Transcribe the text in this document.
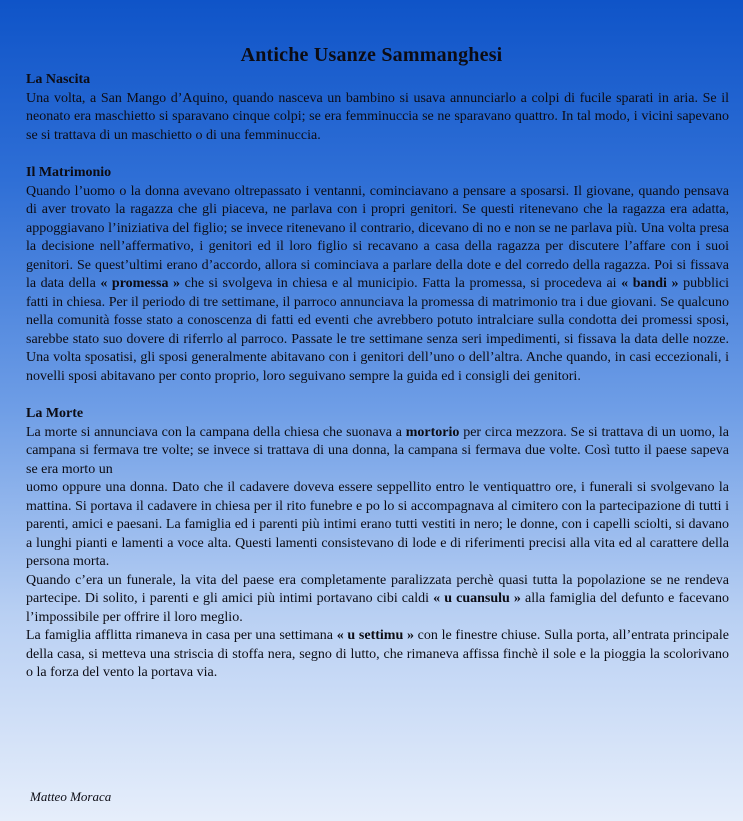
Antiche Usanze Sammanghesi
La Nascita

Una volta, a San Mango d’Aquino, quando nasceva un bambino si usava annunciarlo a colpi di fucile sparati in aria. Se il neonato era maschietto si sparavano cinque colpi; se era femminuccia se ne sparavano quattro. In tal modo, i vicini sapevano se si trattava di un maschietto o di una femminuccia.

Il Matrimonio

Quando l’uomo o la donna avevano oltrepassato i ventanni, cominciavano a pensare a sposarsi. Il giovane, quando pensava di aver trovato la ragazza che gli piaceva, ne parlava con i propri genitori. Se questi ritenevano che la ragazza era adatta, appoggiavano l’iniziativa del figlio; se invece ritenevano il contrario, dicevano di no e non se ne parlava più. Una volta presa la decisione nell’affermativo, i genitori ed il loro figlio si recavano a casa della ragazza per discutere l’affare con i suoi genitori. Se quest’ultimi erano d’accordo, allora si cominciava a parlare della dote e del corredo della ragazza. Poi si fissava la data della « promessa » che si svolgeva in chiesa e al municipio. Fatta la promessa, si procedeva ai « bandi » pubblici fatti in chiesa. Per il periodo di tre settimane, il parroco annunciava la promessa di matrimonio tra i due giovani. Se qualcuno nella comunità fosse stato a conoscenza di fatti ed eventi che avrebbero potuto intralciare sulla condotta dei promessi sposi, sarebbe stato suo dovere di riferrlo al parroco. Passate le tre settimane senza seri impedimenti, si fissava la data delle nozze. Una volta sposatisi, gli sposi generalmente abitavano con i genitori dell’uno o dell’altra. Anche quando, in casi eccezionali, i novelli sposi abitavano per conto proprio, loro seguivano sempre la guida ed i consigli dei genitori.

La Morte

La morte si annunciava con la campana della chiesa che suonava a mortorio per circa mezzora. Se si trattava di un uomo, la campana si fermava tre volte; se invece si trattava di una donna, la campana si fermava due volte. Così tutto il paese sapeva se era morto un

uomo oppure una donna. Dato che il cadavere doveva essere seppellito entro le ventiquattro ore, i funerali si svolgevano la mattina. Si portava il cadavere in chiesa per il rito funebre e po lo si accompagnava al cimitero con la partecipazione di tutti i parenti, amici e paesani. La famiglia ed i parenti più intimi erano tutti vestiti in nero; le donne, con i capelli sciolti, si davano a lunghi pianti e lamenti a voce alta. Questi lamenti consistevano di lode e di riferimenti precisi alla vita ed al carattere della persona morta.

Quando c’era un funerale, la vita del paese era completamente paralizzata perchè quasi tutta la popolazione se ne rendeva partecipe. Di solito, i parenti e gli amici più intimi portavano cibi caldi « u cuansulu » alla famiglia del defunto e facevano l’impossibile per offrire il loro meglio.

La famiglia afflitta rimaneva in casa per una settimana « u settimu » con le finestre chiuse. Sulla porta, all’entrata principale della casa, si metteva una striscia di stoffa nera, segno di lutto, che rimaneva affissa finchè il sole e la pioggia la scolorivano o la forza del vento la portava via.

Matteo Moraca
